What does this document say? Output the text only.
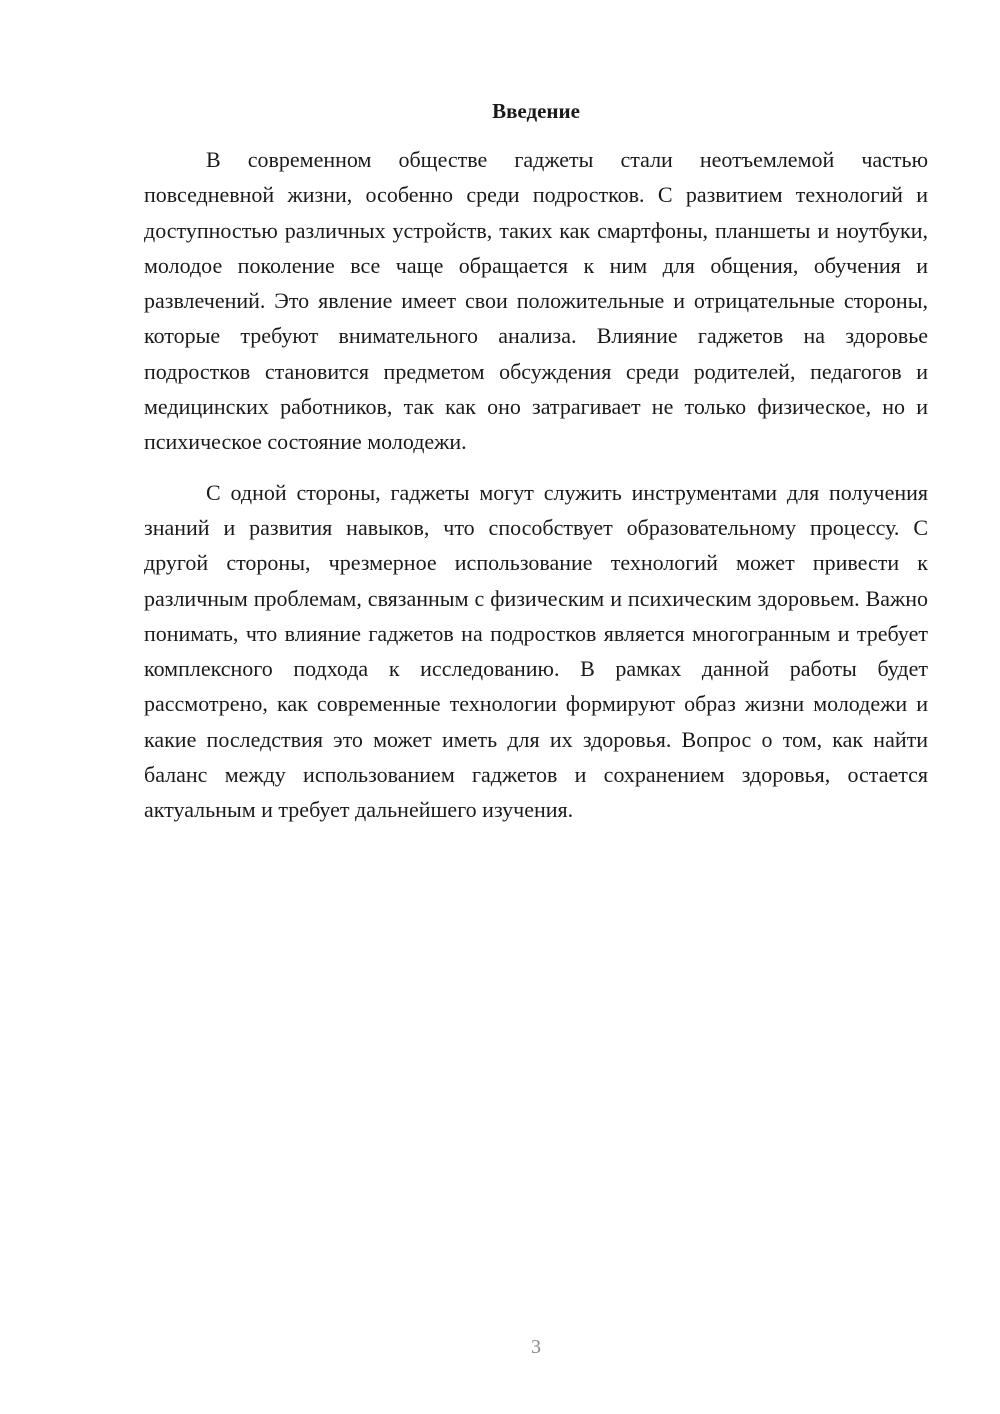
Введение

В современном обществе гаджеты стали неотъемлемой частью повседневной жизни, особенно среди подростков. С развитием технологий и доступностью различных устройств, таких как смартфоны, планшеты и ноутбуки, молодое поколение все чаще обращается к ним для общения, обучения и развлечений. Это явление имеет свои положительные и отрицательные стороны, которые требуют внимательного анализа. Влияние гаджетов на здоровье подростков становится предметом обсуждения среди родителей, педагогов и медицинских работников, так как оно затрагивает не только физическое, но и психическое состояние молодежи.

С одной стороны, гаджеты могут служить инструментами для получения знаний и развития навыков, что способствует образовательному процессу. С другой стороны, чрезмерное использование технологий может привести к различным проблемам, связанным с физическим и психическим здоровьем. Важно понимать, что влияние гаджетов на подростков является многогранным и требует комплексного подхода к исследованию. В рамках данной работы будет рассмотрено, как современные технологии формируют образ жизни молодежи и какие последствия это может иметь для их здоровья. Вопрос о том, как найти баланс между использованием гаджетов и сохранением здоровья, остается актуальным и требует дальнейшего изучения.

3
